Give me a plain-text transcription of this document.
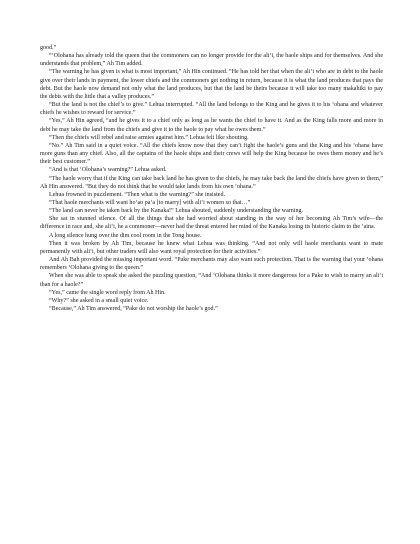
good.”

“‘Olohana has already told the queen that the commoners can no longer provide for the ali‘i, the haole ships and for themselves. And she understands that problem,” Ah Tim added.

“The warning he has given is what is most important,” Ah Hin continued. “He has told her that when the ali‘i who are in debt to the haole give over their lands in payment, the lower chiefs and the commoners get nothing in return, because it is what the land produces that pays the debt. But the haole now demand not only what the land produces, but that the land be theirs because it will take too many makahiki to pay the debts with the little that a valley produces.”

“But the land is not the chief’s to give.” Lehua interrupted. “All the land belongs to the King and he gives it to his ‘ohana and whatever chiefs he wishes to reward for service.”

“Yes,” Ah Hin agreed, “and he gives it to a chief only as long as he wants the chief to have it. And as the King falls more and more in debt he may take the land from the chiefs and give it to the haole to pay what he owes them.”

“Then the chiefs will rebel and raise armies against him.” Lehua felt like shouting.

“No.” Ah Tim said in a quiet voice. “All the chiefs know now that they can’t fight the haole’s guns and the King and his ‘ohana have more guns than any chief. Also, all the captains of the haole ships and their crews will help the King because he owes them money and he’s their best customer.”

“And is that ‘Olohana’s warning?” Lehua asked.

“The haole worry that if the King can take back land he has given to the chiefs, he may take back the land the chiefs have given to them,” Ah Hin answered. “But they do not think that he would take lands from his own ‘ohana.”

Lehua frowned in puzzlement. “Then what is the warning?” she insisted.

“That haole merchants will want ho‘ao pa‘a [to marry] with ali‘i women so that…”

“The land can never be taken back by the Kanaka!” Lehua shouted, suddenly understanding the warning.

She sat in stunned silence. Of all the things that she had worried about standing in the way of her becoming Ah Tim’s wife—the difference in race and, she ali‘i, he a commoner—never had the threat entered her mind of the Kanaka losing its historic claim to the ‘aina.

A long silence hung over the dim cool room in the Tong house.

Then it was broken by Ah Tim, because he knew what Lehua was thinking. “And not only will haole merchants want to mate permanently with ali‘i, but other traders will also want royal protection for their activities.”

And Ah Bah provided the missing important word. “Pake merchants may also want such protection. That is the warning that your ‘ohana remembers ‘Olohana giving to the queen.”

When she was able to speak she asked the puzzling question, “And ‘Olohana thinks it more dangerous for a Pake to wish to marry an ali‘i than for a haole?”

“Yes,” came the single word reply from Ah Hin.

“Why?” she asked in a small quiet voice.

“Because,” Ah Tim answered, “Pake do not worship the haole’s god.”
